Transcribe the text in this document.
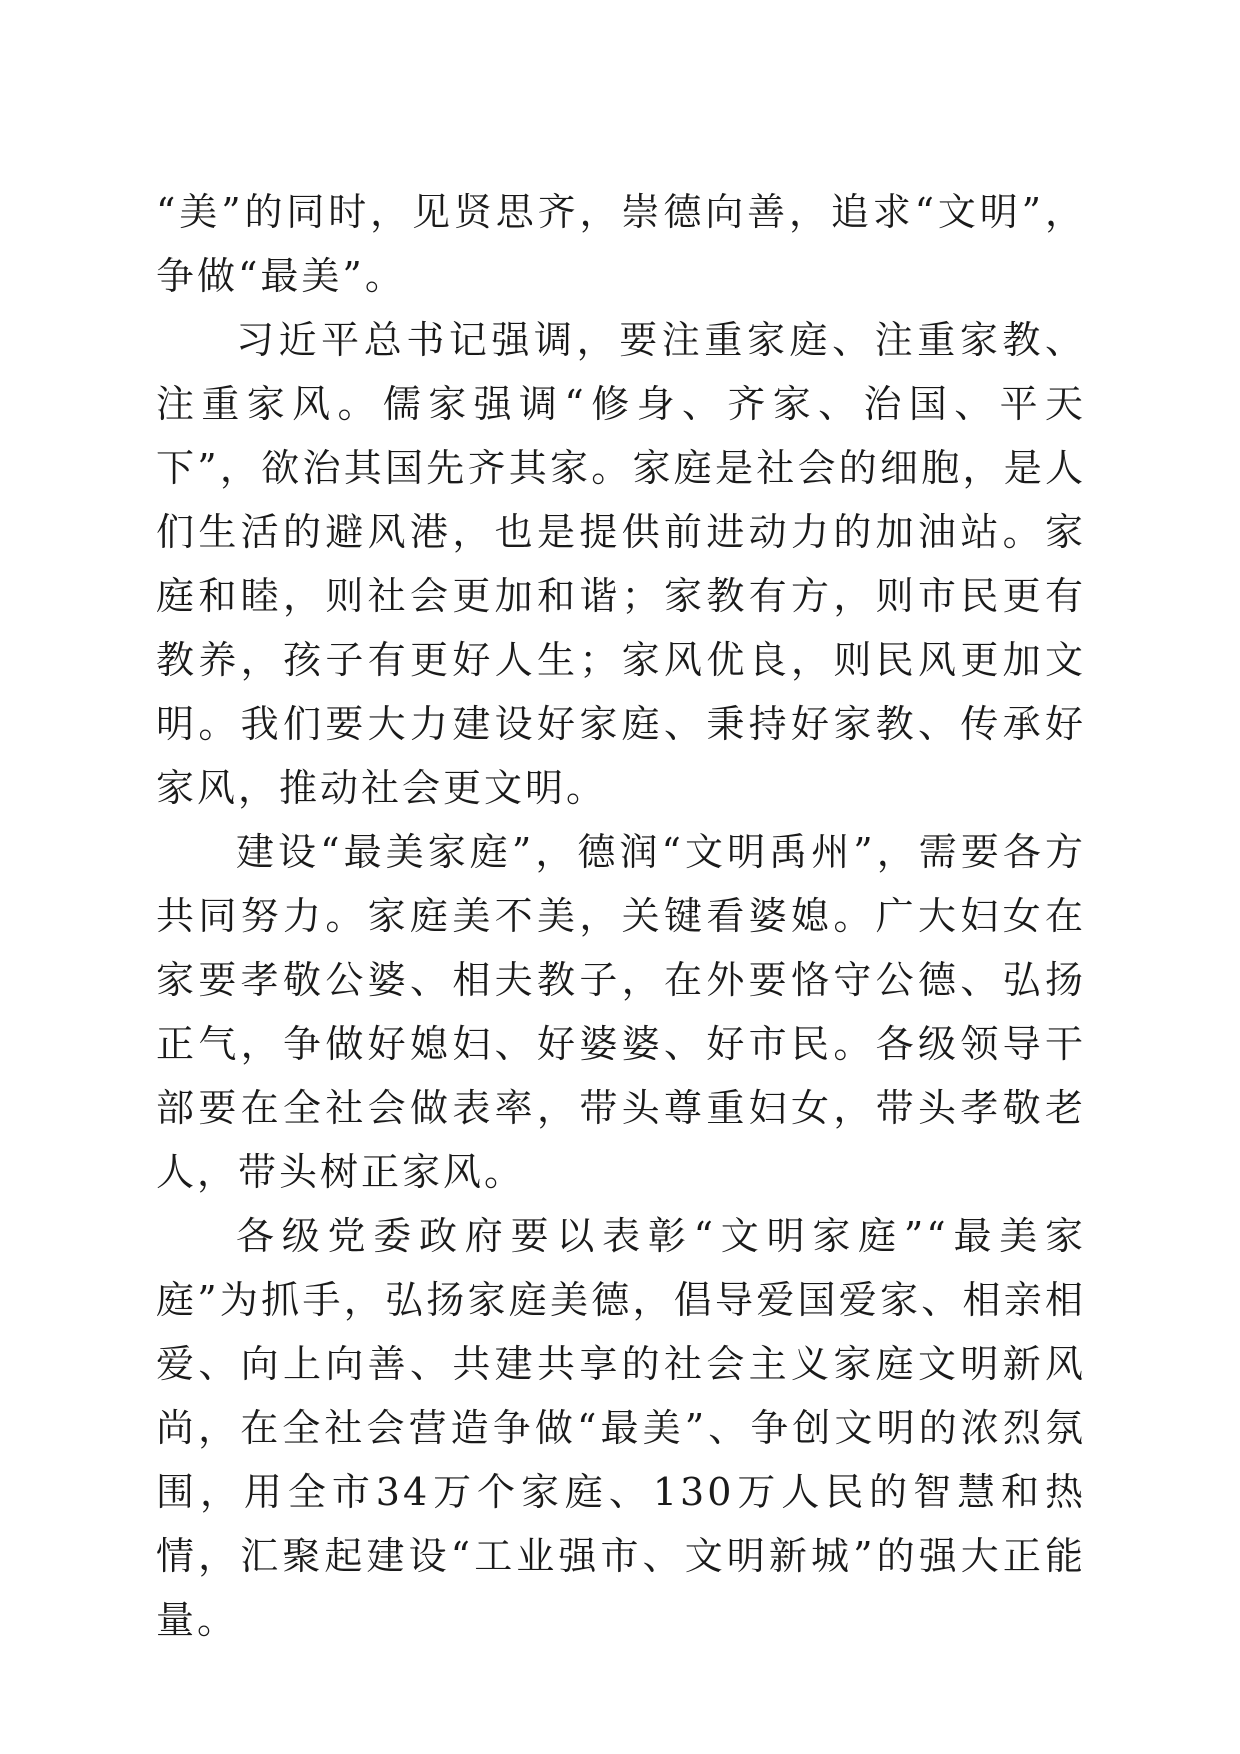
“美”的同时，见贤思齐，崇德向善，追求“文明”，争做“最美”。

习近平总书记强调，要注重家庭、注重家教、注重家风。儒家强调“修身、齐家、治国、平天下”，欲治其国先齐其家。家庭是社会的细胞，是人们生活的避风港，也是提供前进动力的加油站。家庭和睦，则社会更加和谐；家教有方，则市民更有教养，孩子有更好人生；家风优良，则民风更加文明。我们要大力建设好家庭、秉持好家教、传承好家风，推动社会更文明。

建设“最美家庭”，德润“文明禹州”，需要各方共同努力。家庭美不美，关键看婆媳。广大妇女在家要孝敬公婆、相夫教子，在外要恪守公德、弘扬正气，争做好媳妇、好婆婆、好市民。各级领导干部要在全社会做表率，带头尊重妇女，带头孝敬老人，带头树正家风。

各级党委政府要以表彰“文明家庭”“最美家庭”为抓手，弘扬家庭美德，倡导爱国爱家、相亲相爱、向上向善、共建共享的社会主义家庭文明新风尚，在全社会营造争做“最美”、争创文明的浓烈氛围，用全市34万个家庭、130万人民的智慧和热情，汇聚起建设“工业强市、文明新城”的强大正能量。
